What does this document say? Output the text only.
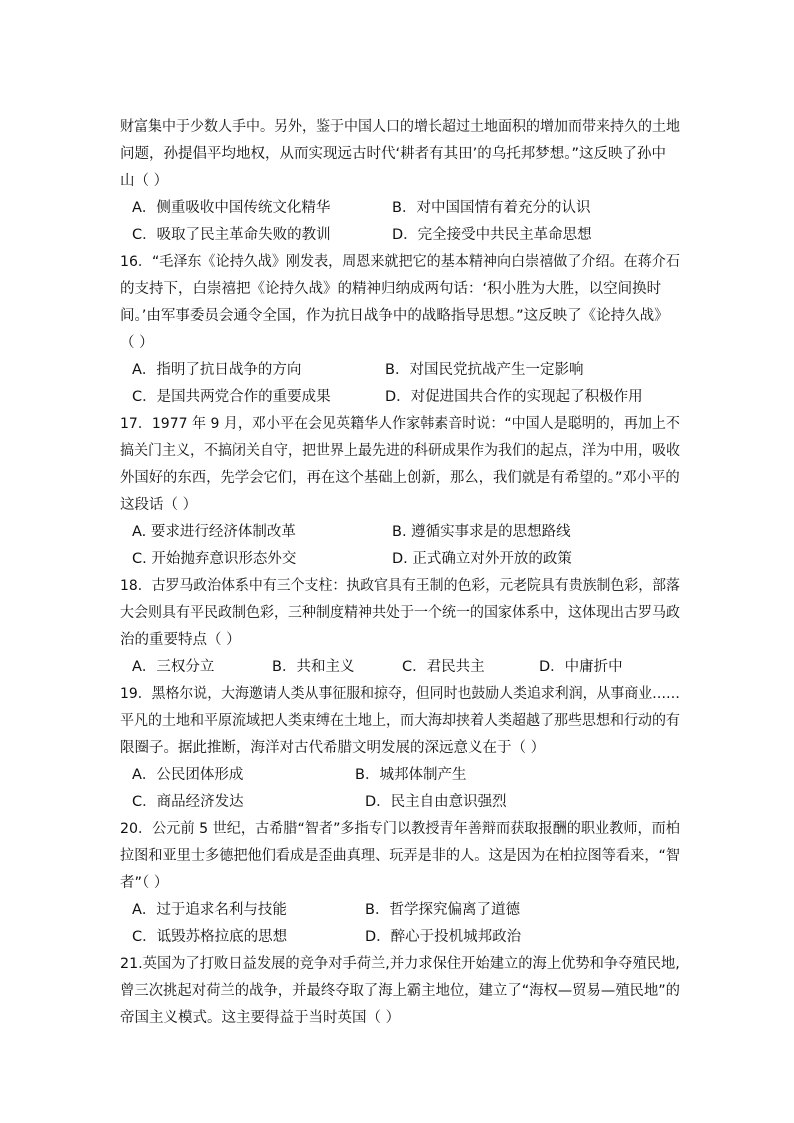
财富集中于少数人手中。另外，鉴于中国人口的增长超过土地面积的增加而带来持久的土地
问题，孙提倡平均地权，从而实现远古时代‘耕者有其田’的乌托邦梦想。”这反映了孙中
山（ ）
A．侧重吸收中国传统文化精华	B．对中国国情有着充分的认识
C．吸取了民主革命失败的教训	D．完全接受中共民主革命思想
16．“毛泽东《论持久战》刚发表，周恩来就把它的基本精神向白崇禧做了介绍。在蒋介石
的支持下，白崇禧把《论持久战》的精神归纳成两句话：‘积小胜为大胜，以空间换时
间。’由军事委员会通令全国，作为抗日战争中的战略指导思想。”这反映了《论持久战》
（ ）
A．指明了抗日战争的方向	B．对国民党抗战产生一定影响
C．是国共两党合作的重要成果	D．对促进国共合作的实现起了积极作用
17．1977 年 9 月，邓小平在会见英籍华人作家韩素音时说：“中国人是聪明的，再加上不
搞关门主义，不搞闭关自守，把世界上最先进的科研成果作为我们的起点，洋为中用，吸收
外国好的东西，先学会它们，再在这个基础上创新，那么，我们就是有希望的。”邓小平的
这段话（ ）
A. 要求进行经济体制改革	B. 遵循实事求是的思想路线
C. 开始抛弃意识形态外交	D. 正式确立对外开放的政策
18．古罗马政治体系中有三个支柱：执政官具有王制的色彩，元老院具有贵族制色彩，部落
大会则具有平民政制色彩，三种制度精神共处于一个统一的国家体系中，这体现出古罗马政
治的重要特点（ ）
A．三权分立	B．共和主义	C．君民共主	D．中庸折中
19．黑格尔说，大海邀请人类从事征服和掠夺，但同时也鼓励人类追求利润，从事商业……
平凡的土地和平原流域把人类束缚在土地上，而大海却挟着人类超越了那些思想和行动的有
限圈子。据此推断，海洋对古代希腊文明发展的深远意义在于（ ）
A．公民团体形成	B．城邦体制产生
C．商品经济发达	D．民主自由意识强烈
20．公元前 5 世纪，古希腊“智者”多指专门以教授青年善辩而获取报酬的职业教师，而柏
拉图和亚里士多德把他们看成是歪曲真理、玩弄是非的人。这是因为在柏拉图等看来，“智
者”（ ）
A．过于追求名利与技能	B．哲学探究偏离了道德
C．诋毁苏格拉底的思想	D．醉心于投机城邦政治
21.英国为了打败日益发展的竞争对手荷兰,并力求保住开始建立的海上优势和争夺殖民地,
曾三次挑起对荷兰的战争，并最终夺取了海上霸主地位，建立了“海权—贸易—殖民地”的
帝国主义模式。这主要得益于当时英国（ ）
